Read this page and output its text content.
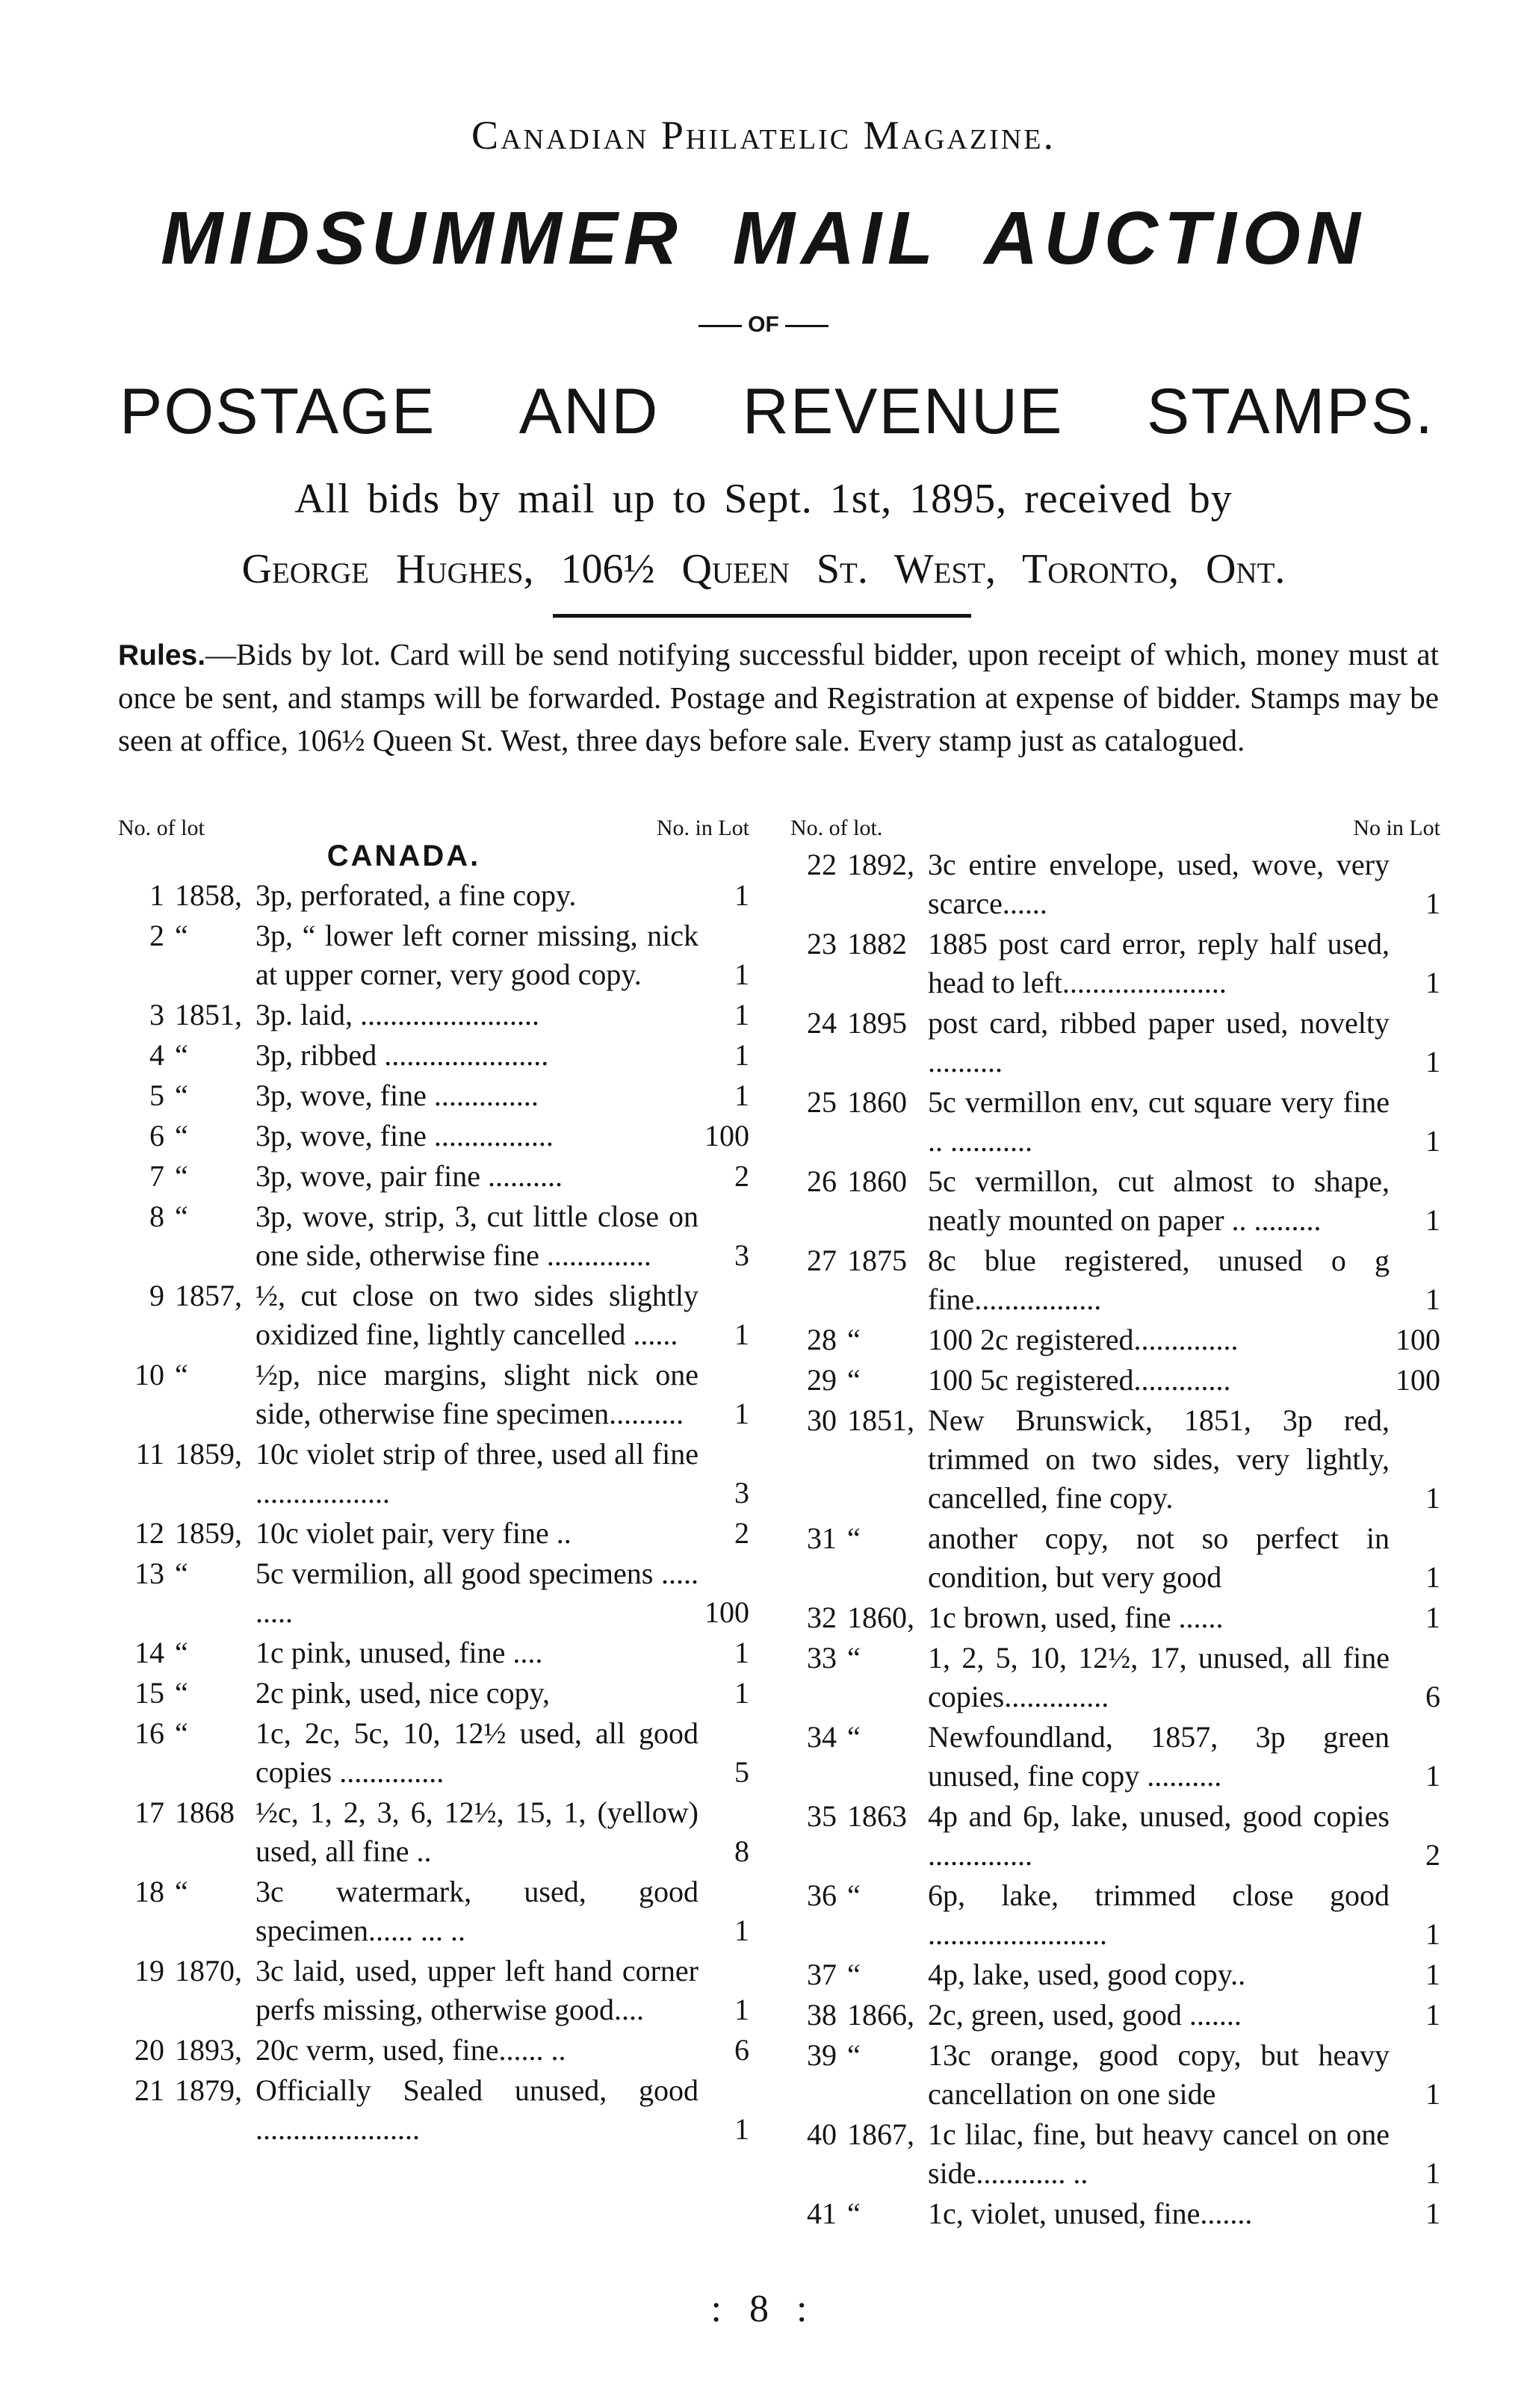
Canadian Philatelic Magazine.
MIDSUMMER MAIL AUCTION
OF
POSTAGE AND REVENUE STAMPS.
All bids by mail up to Sept. 1st, 1895, received by
George Hughes, 106½ Queen St. West, Toronto, Ont.
Rules.—Bids by lot. Card will be send notifying successful bidder, upon receipt of which, money must at once be sent, and stamps will be forwarded. Postage and Registration at expense of bidder. Stamps may be seen at office, 106½ Queen St. West, three days before sale. Every stamp just as catalogued.
No. of lot	No. in Lot
CANADA.
1 1858, 3p, perforated, a fine copy.	1
2 “	3p, “ lower left corner missing, nick at upper corner, very good copy.	1
3 1851, 3p. laid, ........................	1
4 “	3p, ribbed ......................	1
5 “	3p, wove, fine ..............	1
6 “	3p, wove, fine ................	100
7 “	3p, wove, pair fine ..........	2
8 “	3p, wove, strip, 3, cut little close on one side, otherwise fine ..............	3
9 1857, ½, cut close on two sides slightly oxidized fine, lightly cancelled ......	1
10 “	½p, nice margins, slight nick one side, otherwise fine specimen..........	1
11 1859, 10c violet strip of three, used all fine ..................	3
12 1859, 10c violet pair, very fine ..	2
13 “	5c vermilion, all good specimens ..... .....	100
14 “	1c pink, unused, fine ....	1
15 “	2c pink, used, nice copy,	1
16 “	1c, 2c, 5c, 10, 12½ used, all good copies ..............	5
17 1868 ½c, 1, 2, 3, 6, 12½, 15, 1, (yellow) used, all fine ..	8
18 “	3c watermark, used, good specimen...... ... ..	1
19 1870, 3c laid, used, upper left hand corner perfs missing, otherwise good....	1
20 1893, 20c verm, used, fine...... ..	6
21 1879, Officially Sealed unused, good ......................	1
No. of lot.	No in Lot
22 1892, 3c entire envelope, used, wove, very scarce......	1
23 1882 1885 post card error, reply half used, head to left......................	1
24 1895 post card, ribbed paper used, novelty ..........	1
25 1860 5c vermillon env, cut square very fine .. ...........	1
26 1860 5c vermillon, cut almost to shape, neatly mounted on paper .. .........	1
27 1875 8c blue registered, unused o g fine.................	1
28 “	100 2c registered..............	100
29 “	100 5c registered.............	100
30 1851, New Brunswick, 1851, 3p red, trimmed on two sides, very lightly, cancelled, fine copy.	1
31 “	another copy, not so perfect in condition, but very good	1
32 1860, 1c brown, used, fine ......	1
33 “	1, 2, 5, 10, 12½, 17, unused, all fine copies..............	6
34 “	Newfoundland, 1857, 3p green unused, fine copy ..........	1
35 1863 4p and 6p, lake, unused, good copies ..............	2
36 “	6p, lake, trimmed close good ........................	1
37 “	4p, lake, used, good copy..	1
38 1866, 2c, green, used, good .......	1
39 “	13c orange, good copy, but heavy cancellation on one side	1
40 1867, 1c lilac, fine, but heavy cancel on one side............ ..	1
41 “	1c, violet, unused, fine.......	1
: 8 :
